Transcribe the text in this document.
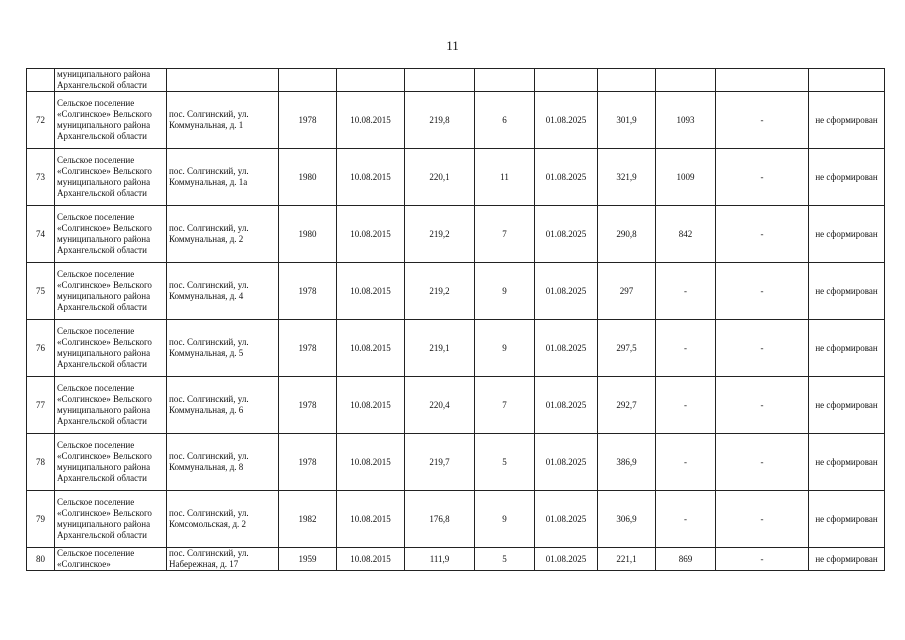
11
	муниципального района Архангельской области										
72	Сельское поселение «Солгинское» Вельского муниципального района Архангельской области	пос. Солгинский, ул. Коммунальная, д. 1	1978	10.08.2015	219,8	6	01.08.2025	301,9	1093	-	не сформирован
73	Сельское поселение «Солгинское» Вельского муниципального района Архангельской области	пос. Солгинский, ул. Коммунальная, д. 1а	1980	10.08.2015	220,1	11	01.08.2025	321,9	1009	-	не сформирован
74	Сельское поселение «Солгинское» Вельского муниципального района Архангельской области	пос. Солгинский, ул. Коммунальная, д. 2	1980	10.08.2015	219,2	7	01.08.2025	290,8	842	-	не сформирован
75	Сельское поселение «Солгинское» Вельского муниципального района Архангельской области	пос. Солгинский, ул. Коммунальная, д. 4	1978	10.08.2015	219,2	9	01.08.2025	297	-	-	не сформирован
76	Сельское поселение «Солгинское» Вельского муниципального района Архангельской области	пос. Солгинский, ул. Коммунальная, д. 5	1978	10.08.2015	219,1	9	01.08.2025	297,5	-	-	не сформирован
77	Сельское поселение «Солгинское» Вельского муниципального района Архангельской области	пос. Солгинский, ул. Коммунальная, д. 6	1978	10.08.2015	220,4	7	01.08.2025	292,7	-	-	не сформирован
78	Сельское поселение «Солгинское» Вельского муниципального района Архангельской области	пос. Солгинский, ул. Коммунальная, д. 8	1978	10.08.2015	219,7	5	01.08.2025	386,9	-	-	не сформирован
79	Сельское поселение «Солгинское» Вельского муниципального района Архангельской области	пос. Солгинский, ул. Комсомольская, д. 2	1982	10.08.2015	176,8	9	01.08.2025	306,9	-	-	не сформирован
80	Сельское поселение «Солгинское»	пос. Солгинский, ул. Набережная, д. 17	1959	10.08.2015	111,9	5	01.08.2025	221,1	869	-	не сформирован
